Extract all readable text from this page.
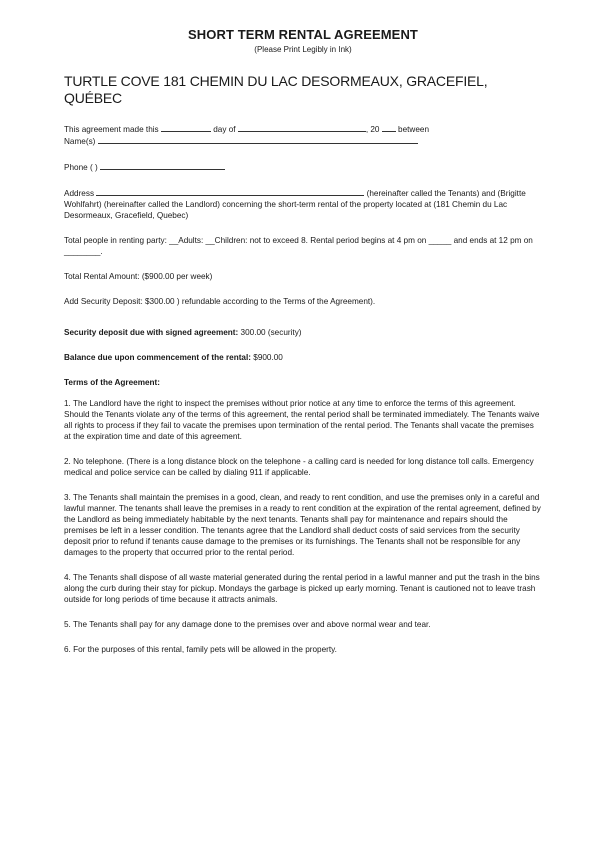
SHORT TERM RENTAL AGREEMENT

(Please Print Legibly in Ink)

TURTLE COVE 181 CHEMIN DU LAC DESORMEAUX, GRACEFIEL, QUÉBEC

This agreement made this	day of	, 20 between

Name(s)

Phone ( )

Address	(hereinafter called the Tenants) and (Brigitte Wohlfahrt) (hereinafter called the Landlord) concerning the short-term rental of the property located at (181 Chemin du Lac Desormeaux, Gracefield, Quebec)

Total people in renting party: __Adults: __Children: not to exceed 8. Rental period begins at 4 pm on _____ and ends at 12 pm on ________.

Total Rental Amount: ($900.00 per week)

Add Security Deposit: $300.00 ) refundable according to the Terms of the Agreement).

Security deposit due with signed agreement: 300.00 (security)

Balance due upon commencement of the rental: $900.00

Terms of the Agreement:

1. The Landlord have the right to inspect the premises without prior notice at any time to enforce the terms of this agreement. Should the Tenants violate any of the terms of this agreement, the rental period shall be terminated immediately. The Tenants waive all rights to process if they fail to vacate the premises upon termination of the rental period. The Tenants shall vacate the premises at the expiration time and date of this agreement.

2. No telephone. (There is a long distance block on the telephone - a calling card is needed for long distance toll calls. Emergency medical and police service can be called by dialing 911 if applicable.

3. The Tenants shall maintain the premises in a good, clean, and ready to rent condition, and use the premises only in a careful and lawful manner. The tenants shall leave the premises in a ready to rent condition at the expiration of the rental agreement, defined by the Landlord as being immediately habitable by the next tenants. Tenants shall pay for maintenance and repairs should the premises be left in a lesser condition. The tenants agree that the Landlord shall deduct costs of said services from the security deposit prior to refund if tenants cause damage to the premises or its furnishings. The Tenants shall not be responsible for any damages to the property that occurred prior to the rental period.

4. The Tenants shall dispose of all waste material generated during the rental period in a lawful manner and put the trash in the bins along the curb during their stay for pickup. Mondays the garbage is picked up early morning. Tenant is cautioned not to leave trash outside for long periods of time because it attracts animals.

5. The Tenants shall pay for any damage done to the premises over and above normal wear and tear.

6. For the purposes of this rental, family pets will be allowed in the property.
